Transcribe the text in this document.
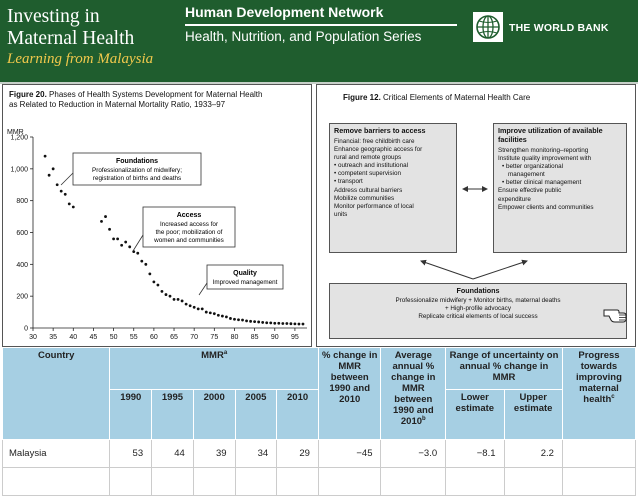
Investing in
Maternal Health
Learning from Malaysia
Human Development Network
Health, Nutrition, and Population Series
THE WORLD BANK
Figure 20. Phases of Health Systems Development for Maternal Health as Related to Reduction in Maternal Mortality Ratio, 1933–97
MMR
0
200
400
600
800
1,000
1,200
30 35 40 45 50 55 60 65 70 75 80 85 90 95
Foundations
Professionalization of midwifery;
registration of births and deaths
Access
Increased access for
the poor; mobilization of
women and communities
Quality
Improved management
Figure 12. Critical Elements of Maternal Health Care
Remove barriers to access
Financial: free childbirth care
Enhance geographic access for
rural and remote groups
• outreach and institutional
• competent supervision
• transport
Address cultural barriers
Mobilize communities
Monitor performance of local
units
Improve utilization of available facilities
Strengthen monitoring–reporting
Institute quality improvement with
• better organizational
management
• better clinical management
Ensure effective public
expenditure
Empower clients and communities
Foundations
Professionalize midwifery + Monitor births, maternal deaths
+ High-profile advocacy
Replicate critical elements of local success
Country	MMR$^a$					% change in MMR between 1990 and 2010	Average annual % change in MMR between 1990 and 2010$^b$	Range of uncertainty on annual % change in MMR		Progress towards improving maternal health$^c$
	1990	1995	2000	2005	2010			Lower estimate	Upper estimate	
Malaysia	53	44	39	34	29	−45	−3.0	−8.1	2.2	
